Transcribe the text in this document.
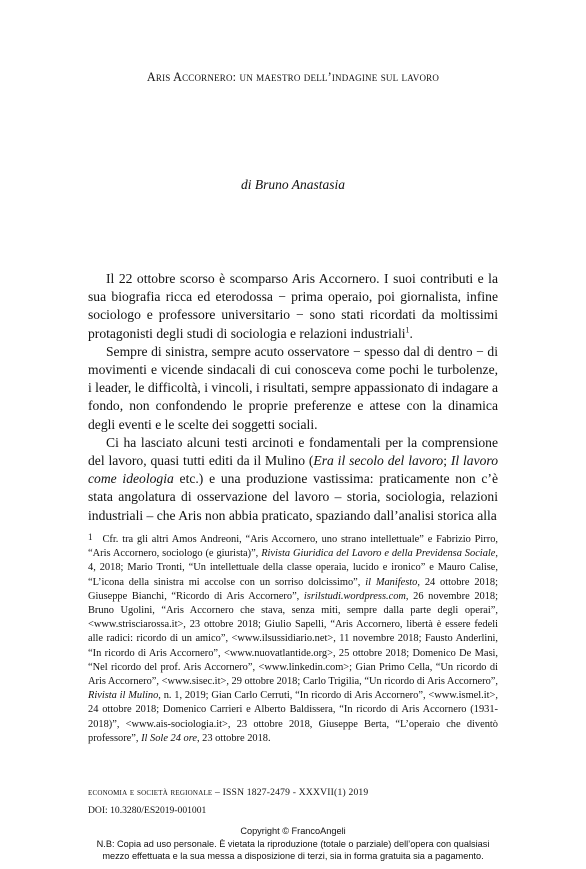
Aris Accornero: un maestro dell’indagine sul lavoro
di Bruno Anastasia

Il 22 ottobre scorso è scomparso Aris Accornero. I suoi contributi e la sua biografia ricca ed eterodossa − prima operaio, poi giornalista, infine sociologo e professore universitario − sono stati ricordati da moltissimi protagonisti degli studi di sociologia e relazioni industriali$^1$.

Sempre di sinistra, sempre acuto osservatore − spesso dal di dentro − di movimenti e vicende sindacali di cui conosceva come pochi le turbolenze, i leader, le difficoltà, i vincoli, i risultati, sempre appassionato di indagare a fondo, non confondendo le proprie preferenze e attese con la dinamica degli eventi e le scelte dei soggetti sociali.

Ci ha lasciato alcuni testi arcinoti e fondamentali per la comprensione del lavoro, quasi tutti editi da il Mulino (Era il secolo del lavoro; Il lavoro come ideologia etc.) e una produzione vastissima: praticamente non c’è stata angolatura di osservazione del lavoro – storia, sociologia, relazioni industriali – che Aris non abbia praticato, spaziando dall’analisi storica alla

1 Cfr. tra gli altri Amos Andreoni, “Aris Accornero, uno strano intellettuale” e Fabrizio Pirro, “Aris Accornero, sociologo (e giurista)”, Rivista Giuridica del Lavoro e della Previdensa Sociale, 4, 2018; Mario Tronti, “Un intellettuale della classe operaia, lucido e ironico” e Mauro Calise, “L’icona della sinistra mi accolse con un sorriso dolcissimo”, il Manifesto, 24 ottobre 2018; Giuseppe Bianchi, “Ricordo di Aris Accornero”, isrilstudi.wordpress.com, 26 novembre 2018; Bruno Ugolini, “Aris Accornero che stava, senza miti, sempre dalla parte degli operai”, <www.strisciarossa.it>, 23 ottobre 2018; Giulio Sapelli, “Aris Accornero, libertà è essere fedeli alle radici: ricordo di un amico”, <www.ilsussidiario.net>, 11 novembre 2018; Fausto Anderlini, “In ricordo di Aris Accornero”, <www.nuovatlantide.org>, 25 ottobre 2018; Domenico De Masi, “Nel ricordo del prof. Aris Accornero”, <www.linkedin.com>; Gian Primo Cella, “Un ricordo di Aris Accornero”, <www.sisec.it>, 29 ottobre 2018; Carlo Trigilia, “Un ricordo di Aris Accornero”, Rivista il Mulino, n. 1, 2019; Gian Carlo Cerruti, “In ricordo di Aris Accornero”, <www.ismel.it>, 24 ottobre 2018; Domenico Carrieri e Alberto Baldissera, “In ricordo di Aris Accornero (1931-2018)”, <www.ais-sociologia.it>, 23 ottobre 2018, Giuseppe Berta, “L’operaio che diventò professore”, Il Sole 24 ore, 23 ottobre 2018.
economia e società regionale – ISSN 1827-2479 - XXXVII(1) 2019
DOI: 10.3280/ES2019-001001
Copyright © FrancoAngeli
N.B: Copia ad uso personale. È vietata la riproduzione (totale o parziale) dell’opera con qualsiasi
mezzo effettuata e la sua messa a disposizione di terzi, sia in forma gratuita sia a pagamento.
